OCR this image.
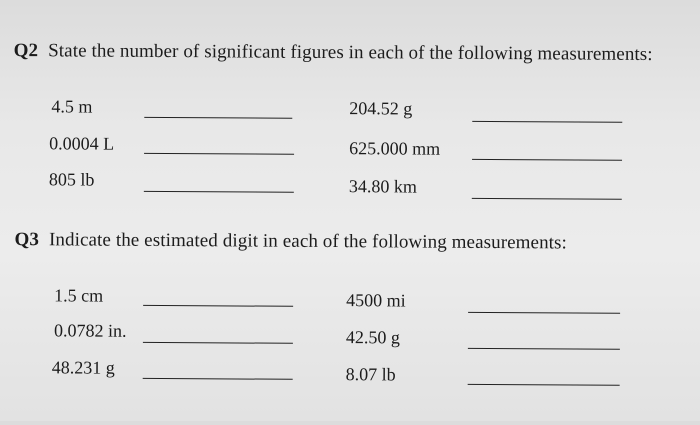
Q2 State the number of significant figures in each of the following measurements:
4.5 m	204.52 g
0.0004 L	625.000 mm
805 lb	34.80 km
Q3 Indicate the estimated digit in each of the following measurements:
1.5 cm	4500 mi
0.0782 in.	42.50 g
48.231 g	8.07 lb
